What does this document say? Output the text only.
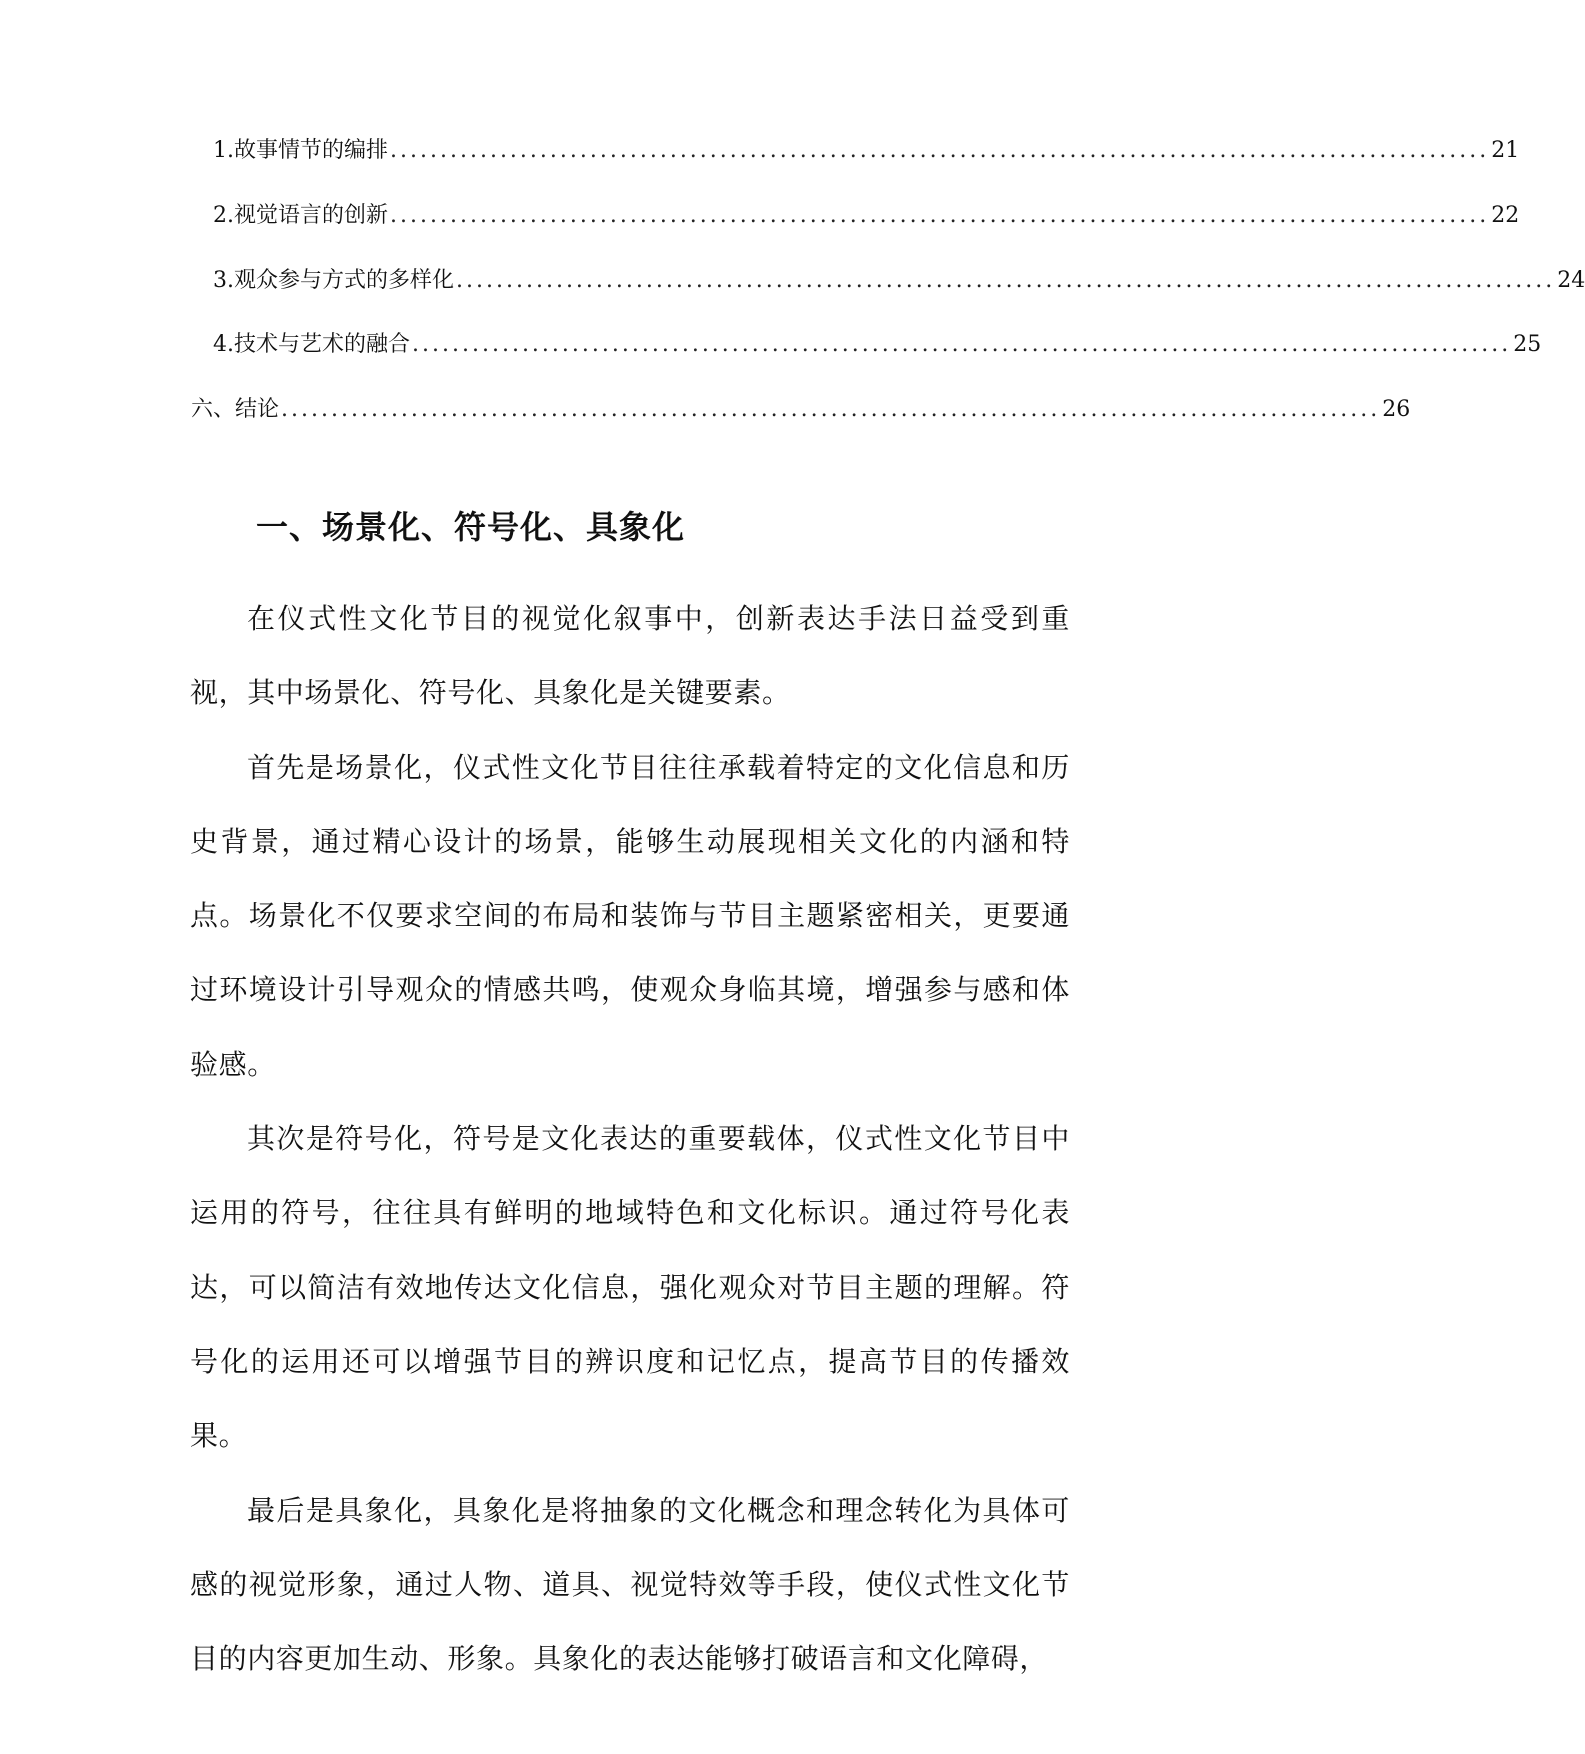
1. 故事情节的编排 .............................................................................................................. 21
2. 视觉语言的创新 .............................................................................................................. 22
3. 观众参与方式的多样化 .............................................................................................................. 24
4. 技术与艺术的融合 .............................................................................................................. 25
六、结论 .............................................................................................................. 26
一、场景化、符号化、具象化

在仪式性文化节目的视觉化叙事中，创新表达手法日益受到重视，其中场景化、符号化、具象化是关键要素。

首先是场景化，仪式性文化节目往往承载着特定的文化信息和历史背景，通过精心设计的场景，能够生动展现相关文化的内涵和特点。场景化不仅要求空间的布局和装饰与节目主题紧密相关，更要通过环境设计引导观众的情感共鸣，使观众身临其境，增强参与感和体验感。

其次是符号化，符号是文化表达的重要载体，仪式性文化节目中运用的符号，往往具有鲜明的地域特色和文化标识。通过符号化表达，可以简洁有效地传达文化信息，强化观众对节目主题的理解。符号化的运用还可以增强节目的辨识度和记忆点，提高节目的传播效果。

最后是具象化，具象化是将抽象的文化概念和理念转化为具体可感的视觉形象，通过人物、道具、视觉特效等手段，使仪式性文化节目的内容更加生动、形象。具象化的表达能够打破语言和文化障碍，
